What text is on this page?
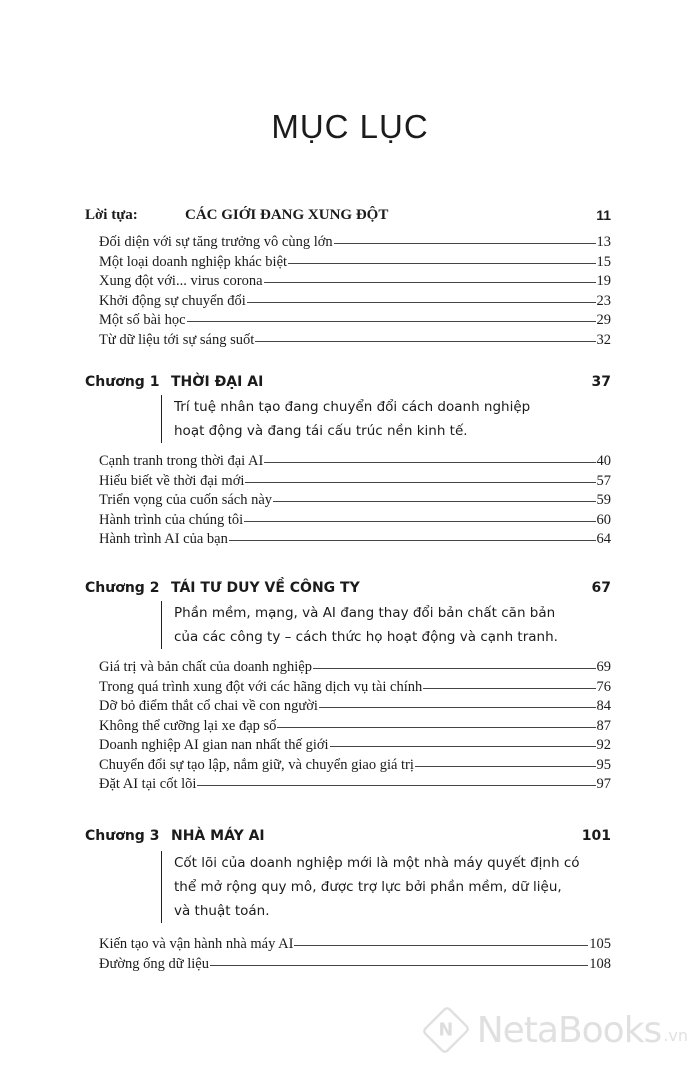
MỤC LỤC
Lời tựa:	CÁC GIỚI ĐANG XUNG ĐỘT	11
Đối diện với sự tăng trưởng vô cùng lớn	13
Một loại doanh nghiệp khác biệt	15
Xung đột với... virus corona	19
Khởi động sự chuyển đổi	23
Một số bài học	29
Từ dữ liệu tới sự sáng suốt	32
Chương 1 THỜI ĐẠI AI	37
Trí tuệ nhân tạo đang chuyển đổi cách doanh nghiệp
hoạt động và đang tái cấu trúc nền kinh tế.
Cạnh tranh trong thời đại AI	40
Hiểu biết về thời đại mới	57
Triển vọng của cuốn sách này	59
Hành trình của chúng tôi	60
Hành trình AI của bạn	64
Chương 2 TÁI TƯ DUY VỀ CÔNG TY	67
Phần mềm, mạng, và AI đang thay đổi bản chất căn bản
của các công ty – cách thức họ hoạt động và cạnh tranh.
Giá trị và bản chất của doanh nghiệp	69
Trong quá trình xung đột với các hãng dịch vụ tài chính	76
Dỡ bỏ điểm thắt cổ chai về con người	84
Không thể cưỡng lại xe đạp số	87
Doanh nghiệp AI gian nan nhất thế giới	92
Chuyển đổi sự tạo lập, nắm giữ, và chuyển giao giá trị	95
Đặt AI tại cốt lõi	97
Chương 3 NHÀ MÁY AI	101
Cốt lõi của doanh nghiệp mới là một nhà máy quyết định có
thể mở rộng quy mô, được trợ lực bởi phần mềm, dữ liệu,
và thuật toán.
Kiến tạo và vận hành nhà máy AI	105
Đường ống dữ liệu	108
N NetaBooks .vn
